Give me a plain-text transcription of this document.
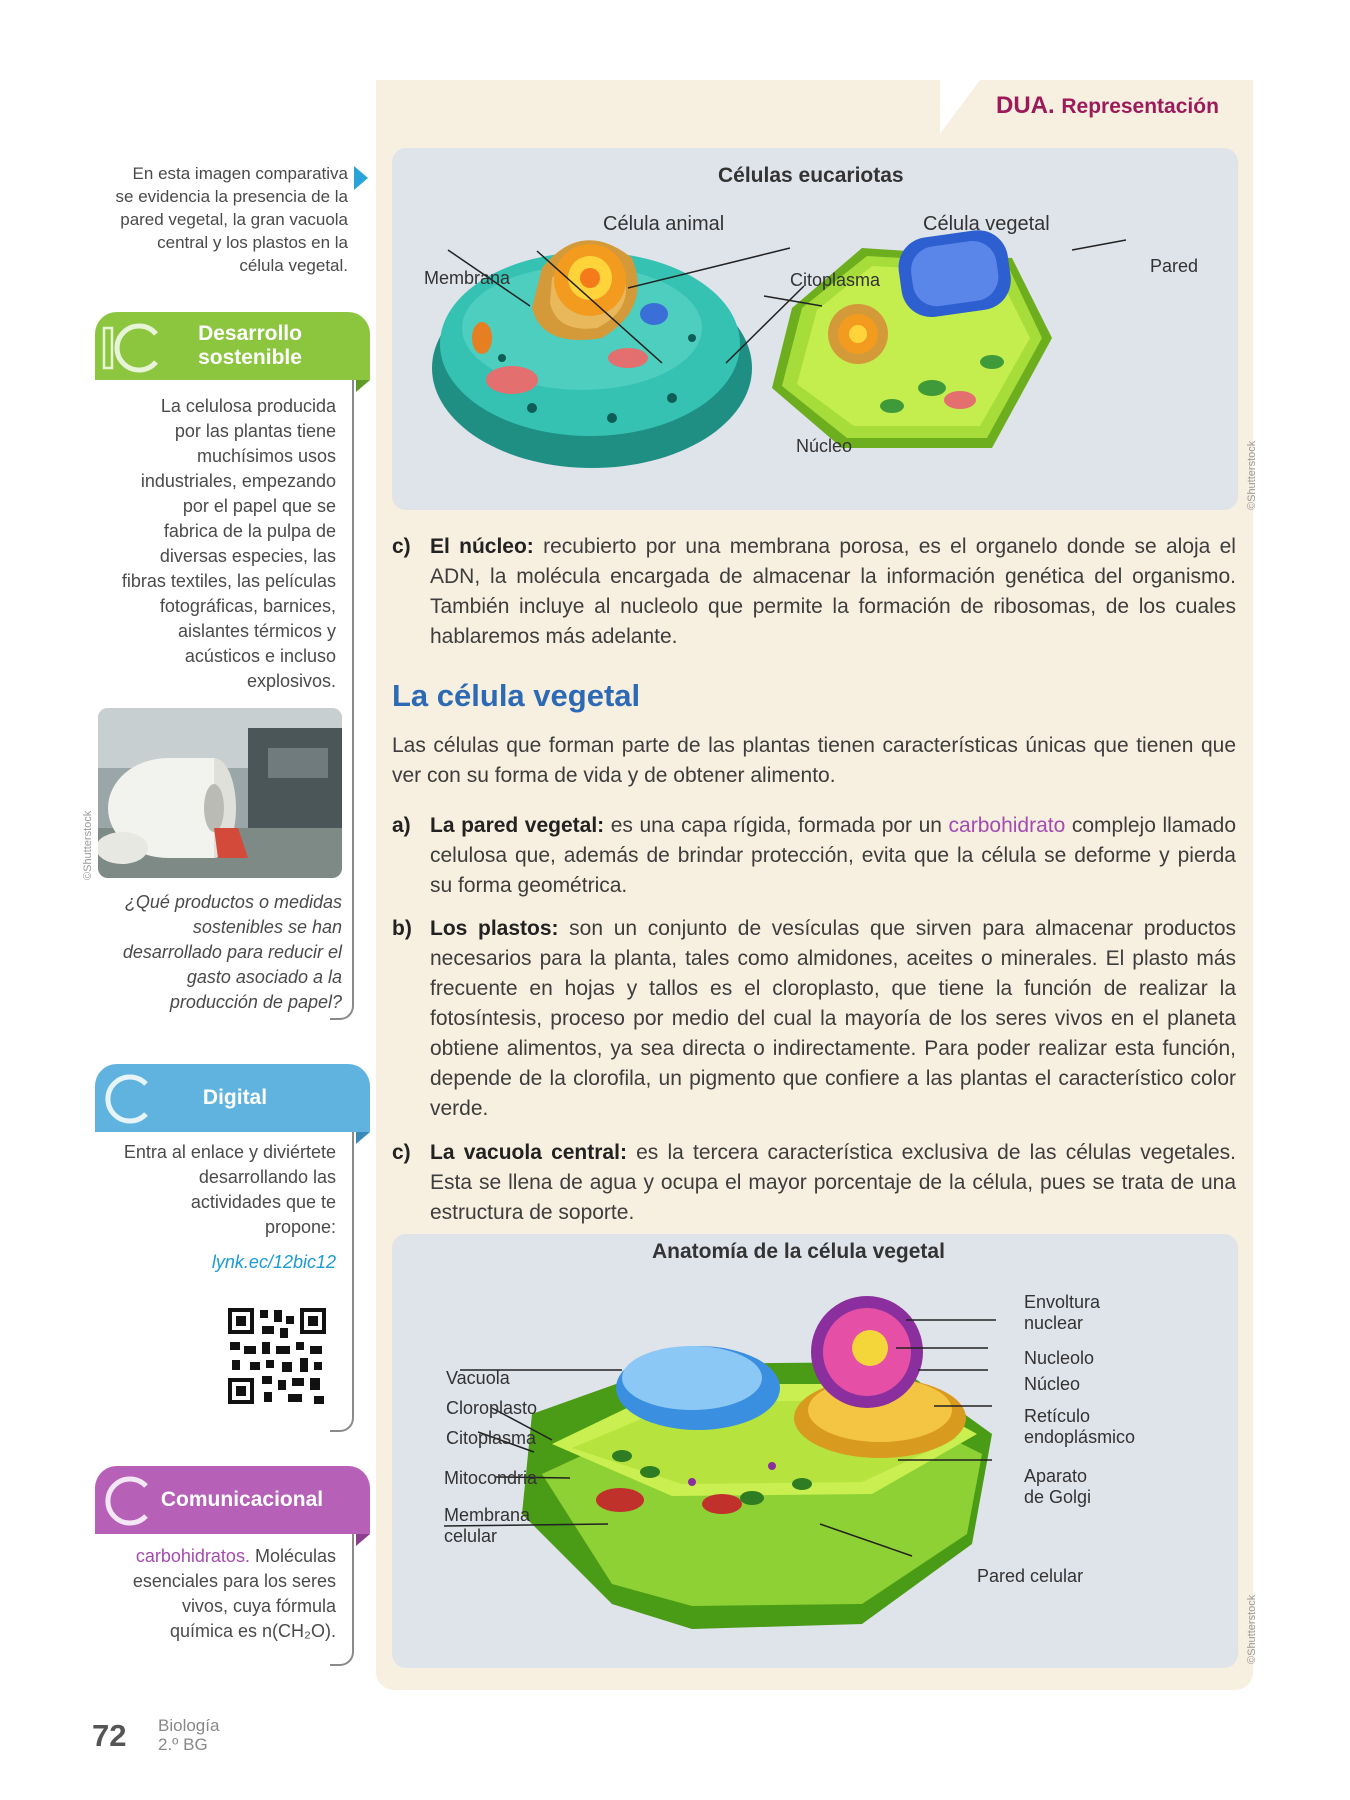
DUA. Representación
Células eucariotas
Célula animal	Célula vegetal
Membrana	Citoplasma
Pared
Núcleo	©Shutterstock
c) El núcleo: recubierto por una membrana porosa, es el organelo donde se aloja el ADN, la molécula encargada de almacenar la información genética del organismo. También incluye al nucleolo que permite la formación de ribosomas, de los cuales hablaremos más adelante.
La célula vegetal
Las células que forman parte de las plantas tienen características únicas que tienen que ver con su forma de vida y de obtener alimento.
a) La pared vegetal: es una capa rígida, formada por un carbohidrato complejo llamado celulosa que, además de brindar protección, evita que la célula se deforme y pierda su forma geométrica.
b) Los plastos: son un conjunto de vesículas que sirven para almacenar productos necesarios para la planta, tales como almidones, aceites o minerales. El plasto más frecuente en hojas y tallos es el cloroplasto, que tiene la función de realizar la fotosíntesis, proceso por medio del cual la mayoría de los seres vivos en el planeta obtiene alimentos, ya sea directa o indirectamente. Para poder realizar esta función, depende de la clorofila, un pigmento que confiere a las plantas el característico color verde.
c) La vacuola central: es la tercera característica exclusiva de las células vegetales. Esta se llena de agua y ocupa el mayor porcentaje de la célula, pues se trata de una estructura de soporte.
Anatomía de la célula vegetal
Vacuola
Cloroplasto
Citoplasma
Mitocondria
Membrana
celular
Envoltura
nuclear
Nucleolo
Núcleo
Retículo
endoplásmico
Aparato
de Golgi
Pared celular
©Shutterstock
En esta imagen comparativa
se evidencia la presencia de la
pared vegetal, la gran vacuola
central y los plastos en la
célula vegetal.
Desarrollo
sostenible
La celulosa producida
por las plantas tiene
muchísimos usos
industriales, empezando
por el papel que se
fabrica de la pulpa de
diversas especies, las
fibras textiles, las películas
fotográficas, barnices,
aislantes térmicos y
acústicos e incluso
explosivos.
©Shutterstock
¿Qué productos o medidas
sostenibles se han
desarrollado para reducir el
gasto asociado a la
producción de papel?
Digital
Entra al enlace y diviértete
desarrollando las
actividades que te
propone:
lynk.ec/12bic12
Comunicacional
carbohidratos. Moléculas
esenciales para los seres
vivos, cuya fórmula
química es n(CH₂O).
72 Biología
2.º BG
